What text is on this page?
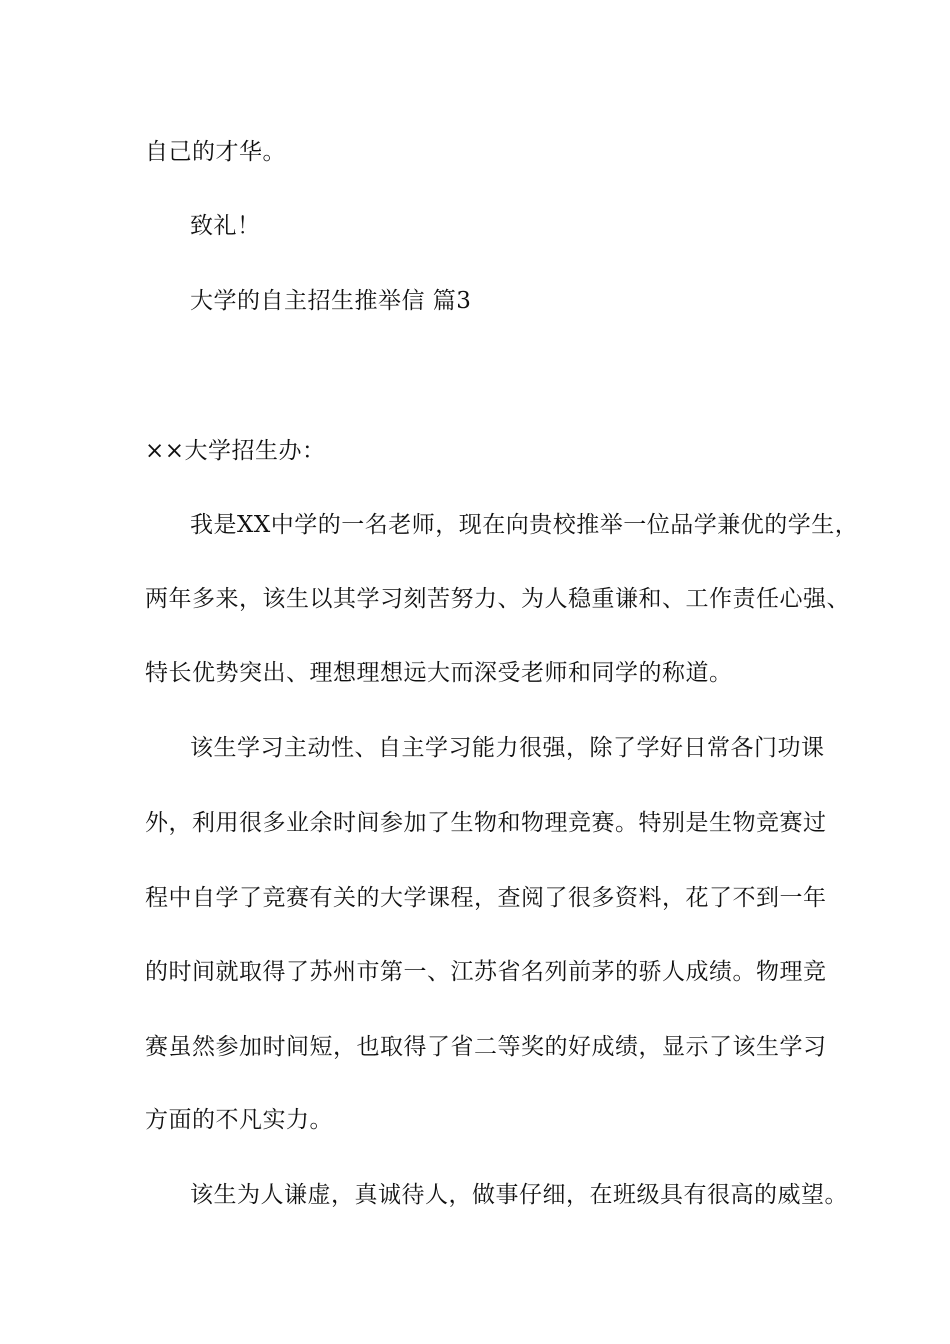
自己的才华。
致礼！
大学的自主招生推举信 篇3
××大学招生办：
我是XX中学的一名老师，现在向贵校推举一位品学兼优的学生，
两年多来，该生以其学习刻苦努力、为人稳重谦和、工作责任心强、
特长优势突出、理想理想远大而深受老师和同学的称道。
该生学习主动性、自主学习能力很强，除了学好日常各门功课
外，利用很多业余时间参加了生物和物理竞赛。特别是生物竞赛过
程中自学了竞赛有关的大学课程，查阅了很多资料，花了不到一年
的时间就取得了苏州市第一、江苏省名列前茅的骄人成绩。物理竞
赛虽然参加时间短，也取得了省二等奖的好成绩，显示了该生学习
方面的不凡实力。
该生为人谦虚，真诚待人，做事仔细，在班级具有很高的威望。
